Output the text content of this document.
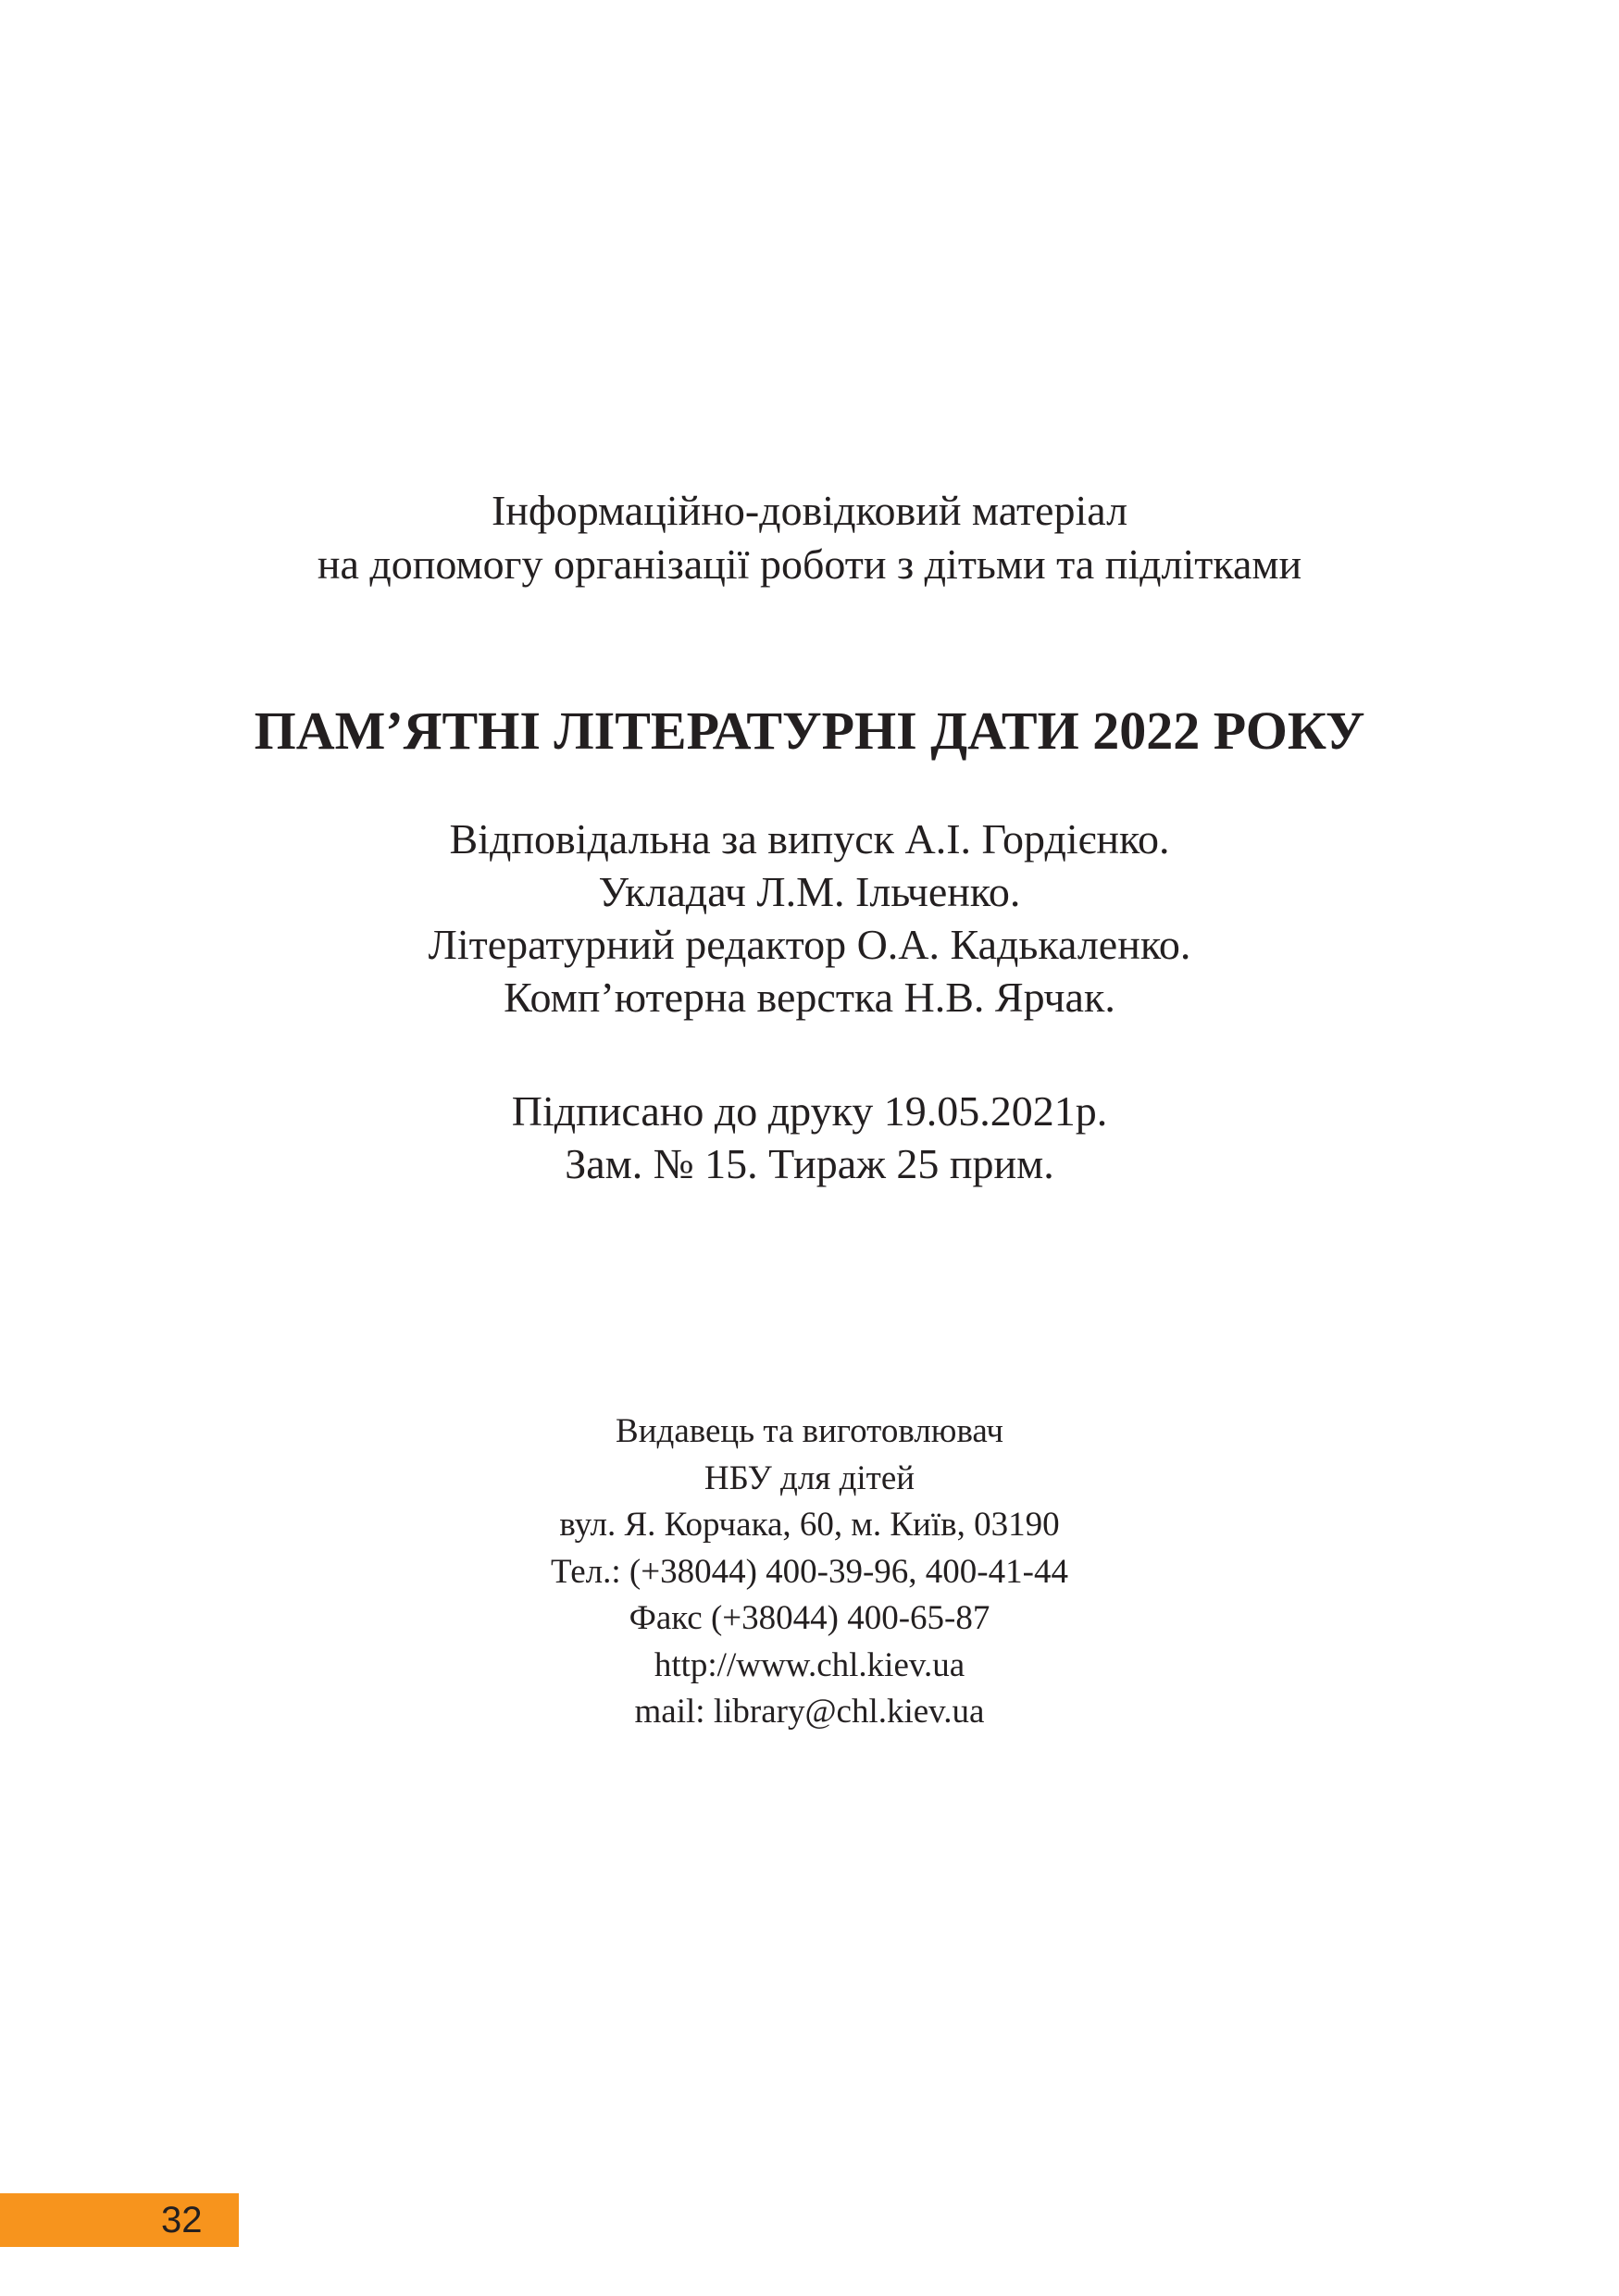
Інформаційно-довідковий матеріал
на допомогу організації роботи з дітьми та підлітками
ПАМ’ЯТНІ ЛІТЕРАТУРНІ ДАТИ 2022 РОКУ
Відповідальна за випуск А.І. Гордієнко.
Укладач Л.М. Ільченко.
Літературний редактор О.А. Кадькаленко.
Комп’ютерна верстка Н.В. Ярчак.
Підписано до друку 19.05.2021р.
Зам. № 15. Тираж 25 прим.
Видавець та виготовлювач
НБУ для дітей
вул. Я. Корчака, 60, м. Київ, 03190
Тел.: (+38044) 400-39-96, 400-41-44
Факс (+38044) 400-65-87
http://www.chl.kiev.ua
mail: library@chl.kiev.ua
32
